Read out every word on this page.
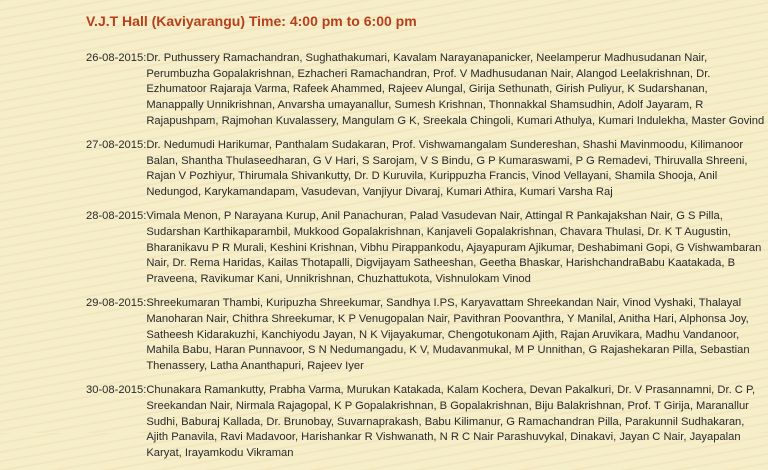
V.J.T Hall (Kaviyarangu) Time: 4:00 pm to 6:00 pm
26-08-2015: Dr. Puthussery Ramachandran, Sughathakumari, Kavalam Narayanapanicker, Neelamperur Madhusudanan Nair, Perumbuzha Gopalakrishnan, Ezhacheri Ramachandran, Prof. V Madhusudanan Nair, Alangod Leelakrishnan, Dr. Ezhumatoor Rajaraja Varma, Rafeek Ahammed, Rajeev Alungal, Girija Sethunath, Girish Puliyur, K Sudarshanan, Manappally Unnikrishnan, Anvarsha umayanallur, Sumesh Krishnan, Thonnakkal Shamsudhin, Adolf Jayaram, R Rajapushpam, Rajmohan Kuvalassery, Mangulam G K, Sreekala Chingoli, Kumari Athulya, Kumari Indulekha, Master Govind
27-08-2015: Dr. Nedumudi Harikumar, Panthalam Sudakaran, Prof. Vishwamangalam Sundereshan, Shashi Mavinmoodu, Kilimanoor Balan, Shantha Thulaseedharan, G V Hari, S Sarojam, V S Bindu, G P Kumaraswami, P G Remadevi, Thiruvalla Shreeni, Rajan V Pozhiyur, Thirumala Shivankutty, Dr. D Kuruvila, Kurippuzha Francis, Vinod Vellayani, Shamila Shooja, Anil Nedungod, Karykamandapam, Vasudevan, Vanjiyur Divaraj, Kumari Athira, Kumari Varsha Raj
28-08-2015: Vimala Menon, P Narayana Kurup, Anil Panachuran, Palad Vasudevan Nair, Attingal R Pankajakshan Nair, G S Pilla, Sudarshan Karthikaparambil, Mukkood Gopalakrishnan, Kanjaveli Gopalakrishnan, Chavara Thulasi, Dr. K T Augustin, Bharanikavu P R Murali, Keshini Krishnan, Vibhu Pirappankodu, Ajayapuram Ajikumar, Deshabimani Gopi, G Vishwambaran Nair, Dr. Rema Haridas, Kailas Thotapalli, Digvijayam Satheeshan, Geetha Bhaskar, HarishchandraBabu Kaatakada, B Praveena, Ravikumar Kani, Unnikrishnan, Chuzhattukota, Vishnulokam Vinod
29-08-2015: Shreekumaran Thambi, Kuripuzha Shreekumar, Sandhya I.PS, Karyavattam Shreekandan Nair, Vinod Vyshaki, Thalayal Manoharan Nair, Chithra Shreekumar, K P Venugopalan Nair, Pavithran Poovanthra, Y Manilal, Anitha Hari, Alphonsa Joy, Satheesh Kidarakuzhi, Kanchiyodu Jayan, N K Vijayakumar, Chengotukonam Ajith, Rajan Aruvikara, Madhu Vandanoor, Mahila Babu, Haran Punnavoor, S N Nedumangadu, K V, Mudavanmukal, M P Unnithan, G Rajashekaran Pilla, Sebastian Thenassery, Latha Ananthapuri, Rajeev Iyer
30-08-2015: Chunakara Ramankutty, Prabha Varma, Murukan Katakada, Kalam Kochera, Devan Pakalkuri, Dr. V Prasannamni, Dr. C P, Sreekandan Nair, Nirmala Rajagopal, K P Gopalakrishnan, B Gopalakrishnan, Biju Balakrishnan, Prof. T Girija, Maranallur Sudhi, Baburaj Kallada, Dr. Brunobay, Suvarnaprakash, Babu Kilimanur, G Ramachandran Pilla, Parakunnil Sudhakaran, Ajith Panavila, Ravi Madavoor, Harishankar R Vishwanath, N R C Nair Parashuvykal, Dinakavi, Jayan C Nair, Jayapalan Karyat, Irayamkodu Vikraman
